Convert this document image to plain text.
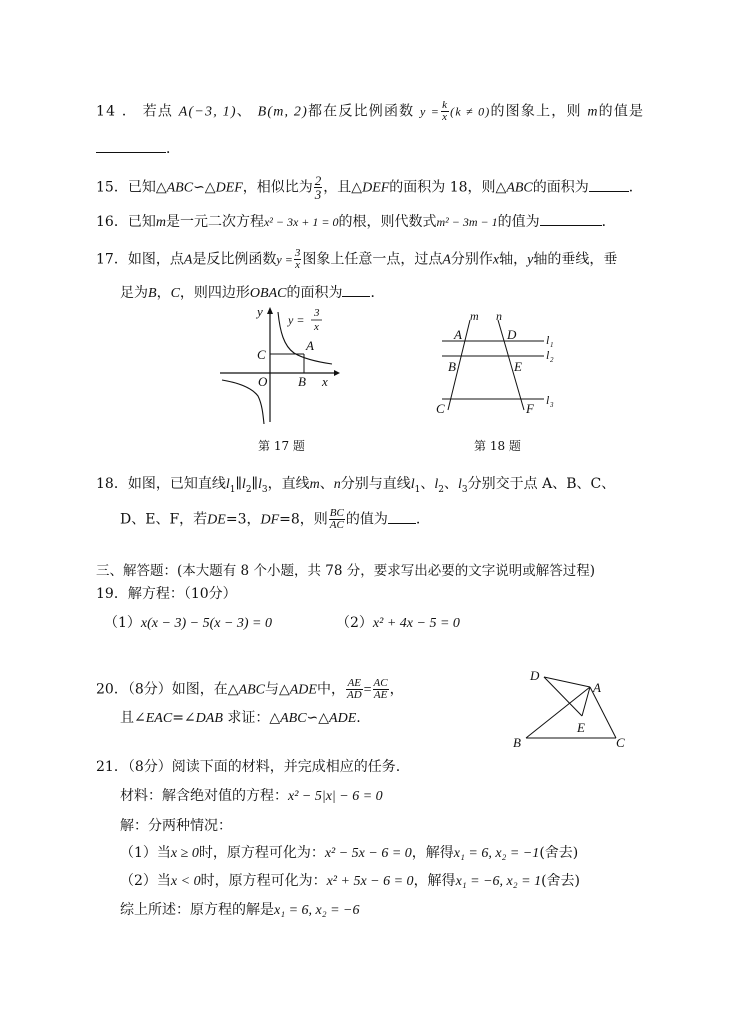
14 ． 若点 A(−3, 1)、 B(m, 2)都在反比例函数 $y = \frac{k}{x} (k \ne 0)$的图象上，则 m的值是
．
15．已知△ABC∽△DEF，相似比为 $\frac{2}{3}$ ，且△DEF的面积为 18，则△ABC的面积为	．
16．已知m是一元二次方程x² − 3x + 1 = 0的根，则代数式m² − 3m − 1的值为	．
17．如图，点A是反比例函数$y = \frac{3}{x}$ 图象上任意一点，过点A分别作x轴，y轴的垂线，垂
足为B，C，则四边形OBAC的面积为 ．
y
x
O B
C
A
y = 3
x
第 17 题
m n
A	D
B	E
C	F
l 1
l 2
l 3
第 18 题
18．如图，已知直线$l_1\parallel l_2\parallel l_3$，直线m、n分别与直线$l_1$、$l_2$、$l_3$分别交于点 A、B、C、
D、E、F，若DE=3，DF=8，则 $\frac{BC}{AC}$ 的值为 .
三、解答题：(本大题有 8 个小题，共 78 分，要求写出必要的文字说明或解答过程)
19．解方程：（10分）
（1）x(x − 3) − 5(x − 3) = 0	（2）x² + 4x − 5 = 0
20．（8分）如图，在△ABC与△ADE中， $\frac{AE}{AD} = \frac{AC}{AE}$ ，
且∠EAC=∠DAB 求证：△ABC∽△ADE.
D
A
E
B	C
21．（8分）阅读下面的材料，并完成相应的任务.
材料：解含绝对值的方程：x² − 5|x| − 6 = 0
解：分两种情况：
（1）当x ≥ 0时，原方程可化为：x² − 5x − 6 = 0，解得x₁ = 6, x₂ = −1(舍去)
（2）当x < 0时，原方程可化为：x² + 5x − 6 = 0，解得x₁ = −6, x₂ = 1(舍去)
综上所述：原方程的解是x₁ = 6, x₂ = −6
